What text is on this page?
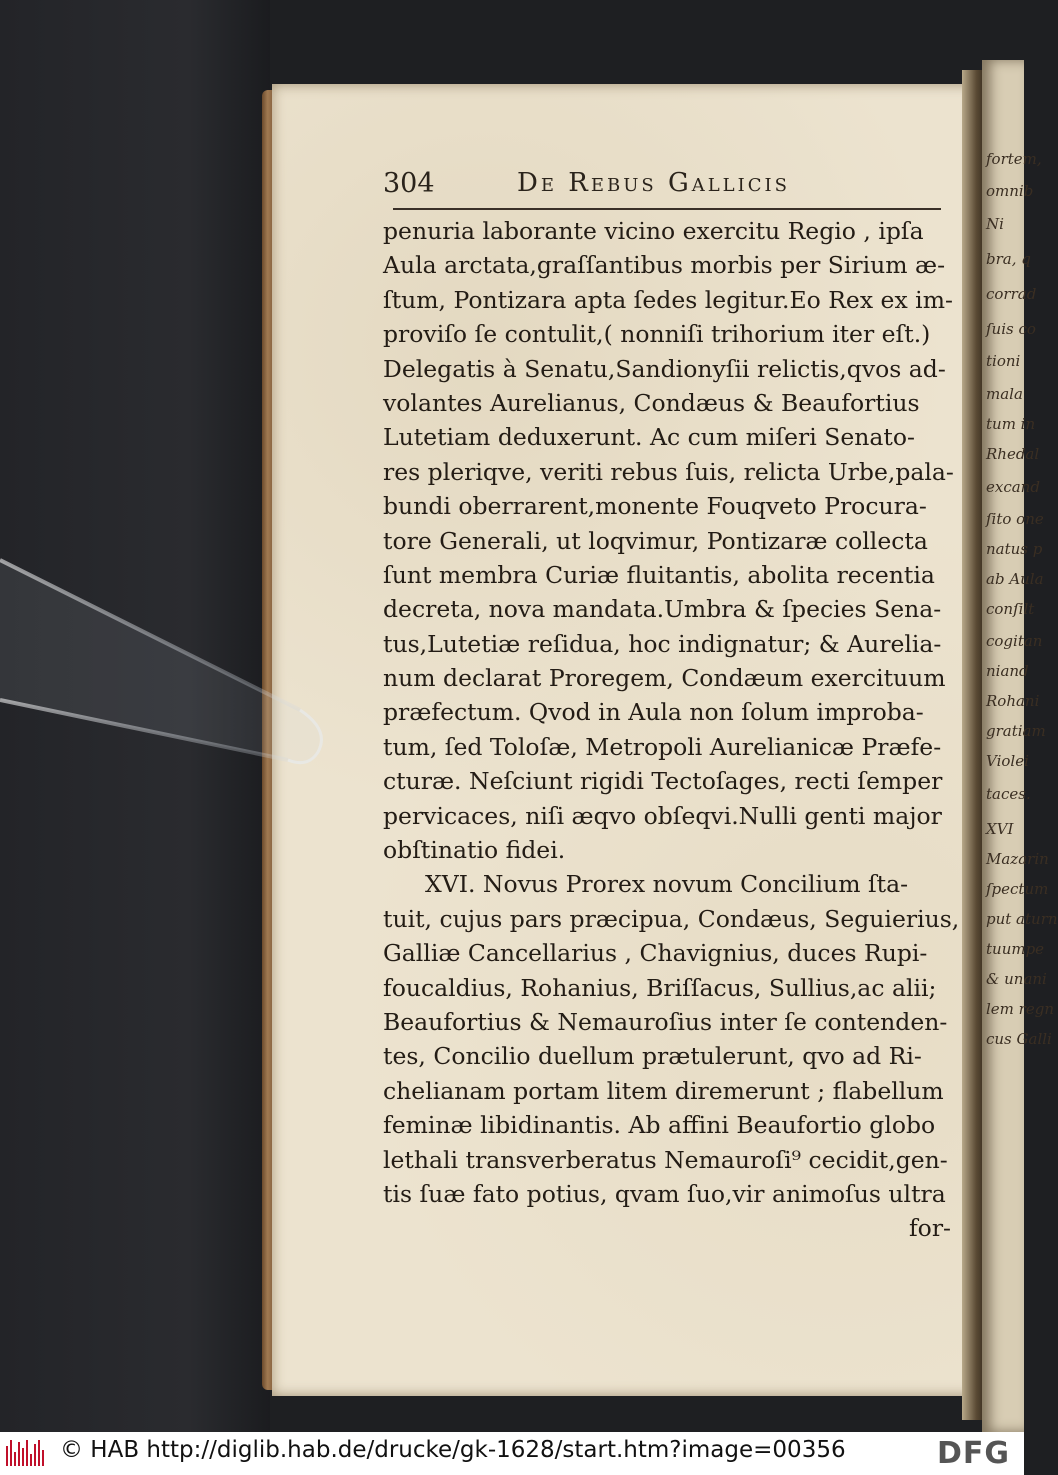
304	De Rebus Gallicis
penuria laborante vicino exercitu Regio , ipſa
Aula arctata,graſſantibus morbis per Sirium æ-
ſtum, Pontizara apta ſedes legitur.Eo Rex ex im-
proviſo ſe contulit,( nonniſi trihorium iter eſt.)
Delegatis à Senatu,Sandionyſii relictis,qvos ad-
volantes Aurelianus, Condæus & Beaufortius
Lutetiam deduxerunt. Ac cum miſeri Senato-
res pleriqve, veriti rebus ſuis, relicta Urbe,pala-
bundi oberrarent,monente Fouqveto Procura-
tore Generali, ut loqvimur, Pontizaræ collecta
ſunt membra Curiæ fluitantis, abolita recentia
decreta, nova mandata.Umbra & ſpecies Sena-
tus,Lutetiæ reſidua, hoc indignatur; & Aurelia-
num declarat Proregem, Condæum exercituum
præfectum. Qvod in Aula non ſolum improba-
tum, ſed Toloſæ, Metropoli Aurelianicæ Præfe-
cturæ. Neſciunt rigidi Tectoſages, recti ſemper
pervicaces, niſi æqvo obſeqvi.Nulli genti major
obſtinatio fidei.
XVI. Novus Prorex novum Concilium ſta-
tuit, cujus pars præcipua, Condæus, Seguierius,
Galliæ Cancellarius , Chavignius, duces Rupi-
foucaldius, Rohanius, Briſſacus, Sullius,ac alii;
Beaufortius & Nemauroſius inter ſe contenden-
tes, Concilio duellum prætulerunt, qvo ad Ri-
chelianam portam litem diremerunt ; flabellum
feminæ libidinantis. Ab affini Beaufortio globo
lethali transverberatus Nemauroſi⁹ cecidit,gen-
tis ſuæ fato potius, qvam ſuo,vir animoſus ultra
for-
fortem,
omnib
Ni
bra, q
corrad
ſuis co
tioni
mala
tum in
Rhedal
excand
ſito one
natus p
ab Aula
conſilt
cogitan
niand
Rohani
gratiam
Violei
taces.
XVI
Mazarin
ſpectum
put aturn
tuumpe
& unani
lem regn
cus Galli
© HAB http://diglib.hab.de/drucke/gk-1628/start.htm?image=00356	DFG
